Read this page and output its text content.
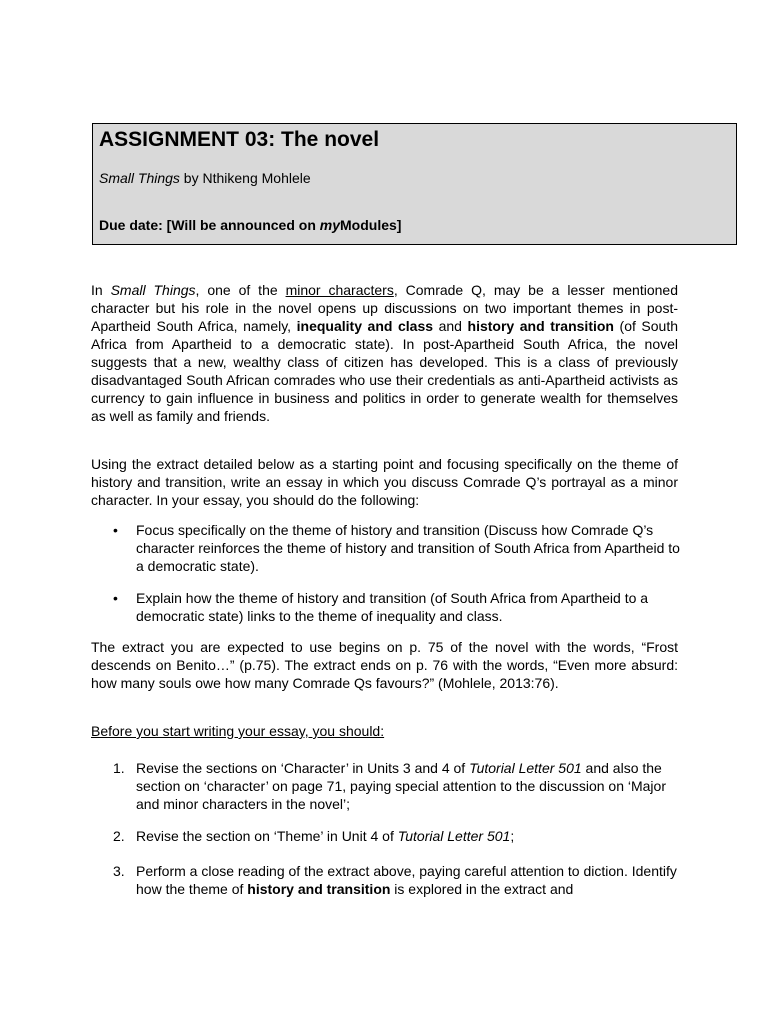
ASSIGNMENT 03: The novel
Small Things by Nthikeng Mohlele
Due date: [Will be announced on myModules]

In Small Things, one of the minor characters, Comrade Q, may be a lesser mentioned character but his role in the novel opens up discussions on two important themes in post-Apartheid South Africa, namely, inequality and class and history and transition (of South Africa from Apartheid to a democratic state). In post-Apartheid South Africa, the novel suggests that a new, wealthy class of citizen has developed. This is a class of previously disadvantaged South African comrades who use their credentials as anti-Apartheid activists as currency to gain influence in business and politics in order to generate wealth for themselves as well as family and friends.

Using the extract detailed below as a starting point and focusing specifically on the theme of history and transition, write an essay in which you discuss Comrade Q’s portrayal as a minor character. In your essay, you should do the following:

•	Focus specifically on the theme of history and transition (Discuss how Comrade Q’s character reinforces the theme of history and transition of South Africa from Apartheid to a democratic state).
•	Explain how the theme of history and transition (of South Africa from Apartheid to a democratic state) links to the theme of inequality and class.

The extract you are expected to use begins on p. 75 of the novel with the words, “Frost descends on Benito…” (p.75). The extract ends on p. 76 with the words, “Even more absurd: how many souls owe how many Comrade Qs favours?” (Mohlele, 2013:76).

Before you start writing your essay, you should:

1. Revise the sections on ‘Character’ in Units 3 and 4 of Tutorial Letter 501 and also the section on ‘character’ on page 71, paying special attention to the discussion on ‘Major and minor characters in the novel’;
2. Revise the section on ‘Theme’ in Unit 4 of Tutorial Letter 501;
3. Perform a close reading of the extract above, paying careful attention to diction. Identify how the theme of history and transition is explored in the extract and
